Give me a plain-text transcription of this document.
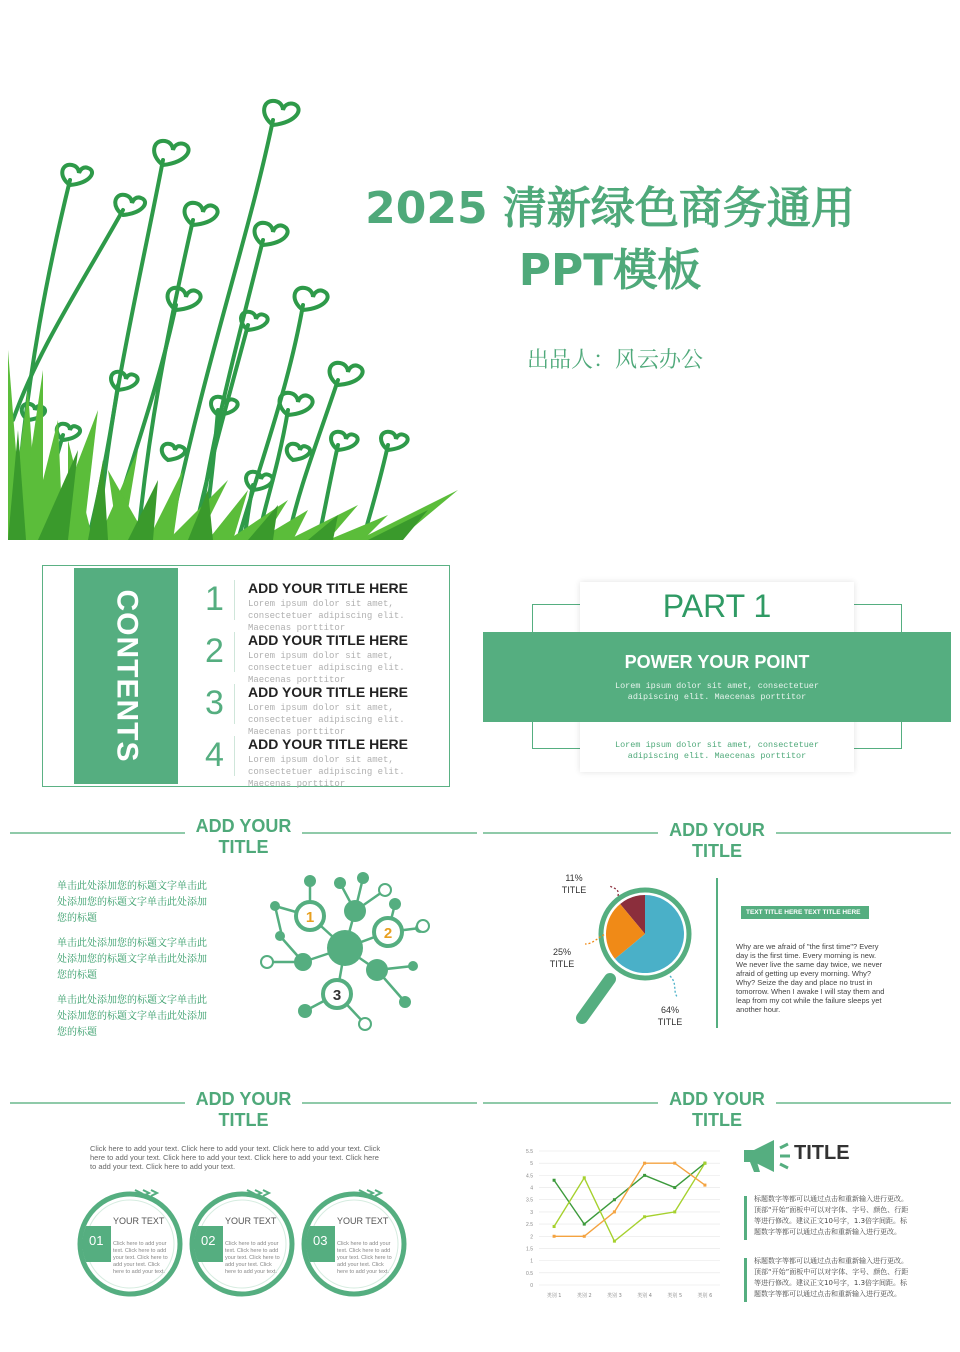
2025 清新绿色商务通用
PPT模板
出品人：风云办公
CONTENTS 1 ADD YOUR TITLE HERE
Lorem ipsum dolor sit amet, consectetuer adipiscing elit. Maecenas porttitor
2 ADD YOUR TITLE HERE
Lorem ipsum dolor sit amet, consectetuer adipiscing elit. Maecenas porttitor
3 ADD YOUR TITLE HERE
Lorem ipsum dolor sit amet, consectetuer adipiscing elit. Maecenas porttitor
4 ADD YOUR TITLE HERE
Lorem ipsum dolor sit amet, consectetuer adipiscing elit. Maecenas porttitor
PART 1
POWER YOUR POINT
Lorem ipsum dolor sit amet, consectetuer adipiscing elit. Maecenas porttitor
Lorem ipsum dolor sit amet, consectetuer adipiscing elit. Maecenas porttitor
ADD YOUR
TITLE
单击此处添加您的标题文字单击此处添加您的标题文字单击此处添加您的标题
单击此处添加您的标题文字单击此处添加您的标题文字单击此处添加您的标题
单击此处添加您的标题文字单击此处添加您的标题文字单击此处添加您的标题
1
2
3
ADD YOUR
TITLE
11%
TITLE
25%
TITLE
64%
TITLE
TEXT TITLE HERE TEXT TITLE HERE
Why are we afraid of "the first time"? Every day is the first time. Every morning is new. We never live the same day twice, we never afraid of getting up every morning. Why? Why? Seize the day and place no trust in tomorrow. When I awake I will stay them and leap from my cot while the failure sleeps yet another hour.
ADD YOUR
TITLE
Click here to add your text. Click here to add your text. Click here to add your text. Click here to add your text. Click here to add your text. Click here to add your text. Click here to add your text. Click here to add your text.
01
YOUR TEXT
Click here to add your text. Click here to add your text. Click here to add your text. Click here to add your text.
02
YOUR TEXT
Click here to add your text. Click here to add your text. Click here to add your text. Click here to add your text.
03
YOUR TEXT
Click here to add your text. Click here to add your text. Click here to add your text. Click here to add your text.
ADD YOUR
TITLE
0
0.5
1
1.5
2
2.5
3
3.5
4
4.5
5
5.5
类别 1	类别 2	类别 3	类别 4	类别 5	类别 6
TITLE
标题数字等都可以通过点击和重新输入进行更改。顶部“开始”面板中可以对字体、字号、颜色、行距等进行修改。建议正文10号字，1.3倍字间距。标题数字等都可以通过点击和重新输入进行更改。
标题数字等都可以通过点击和重新输入进行更改。顶部“开始”面板中可以对字体、字号、颜色、行距等进行修改。建议正文10号字，1.3倍字间距。标题数字等都可以通过点击和重新输入进行更改。
